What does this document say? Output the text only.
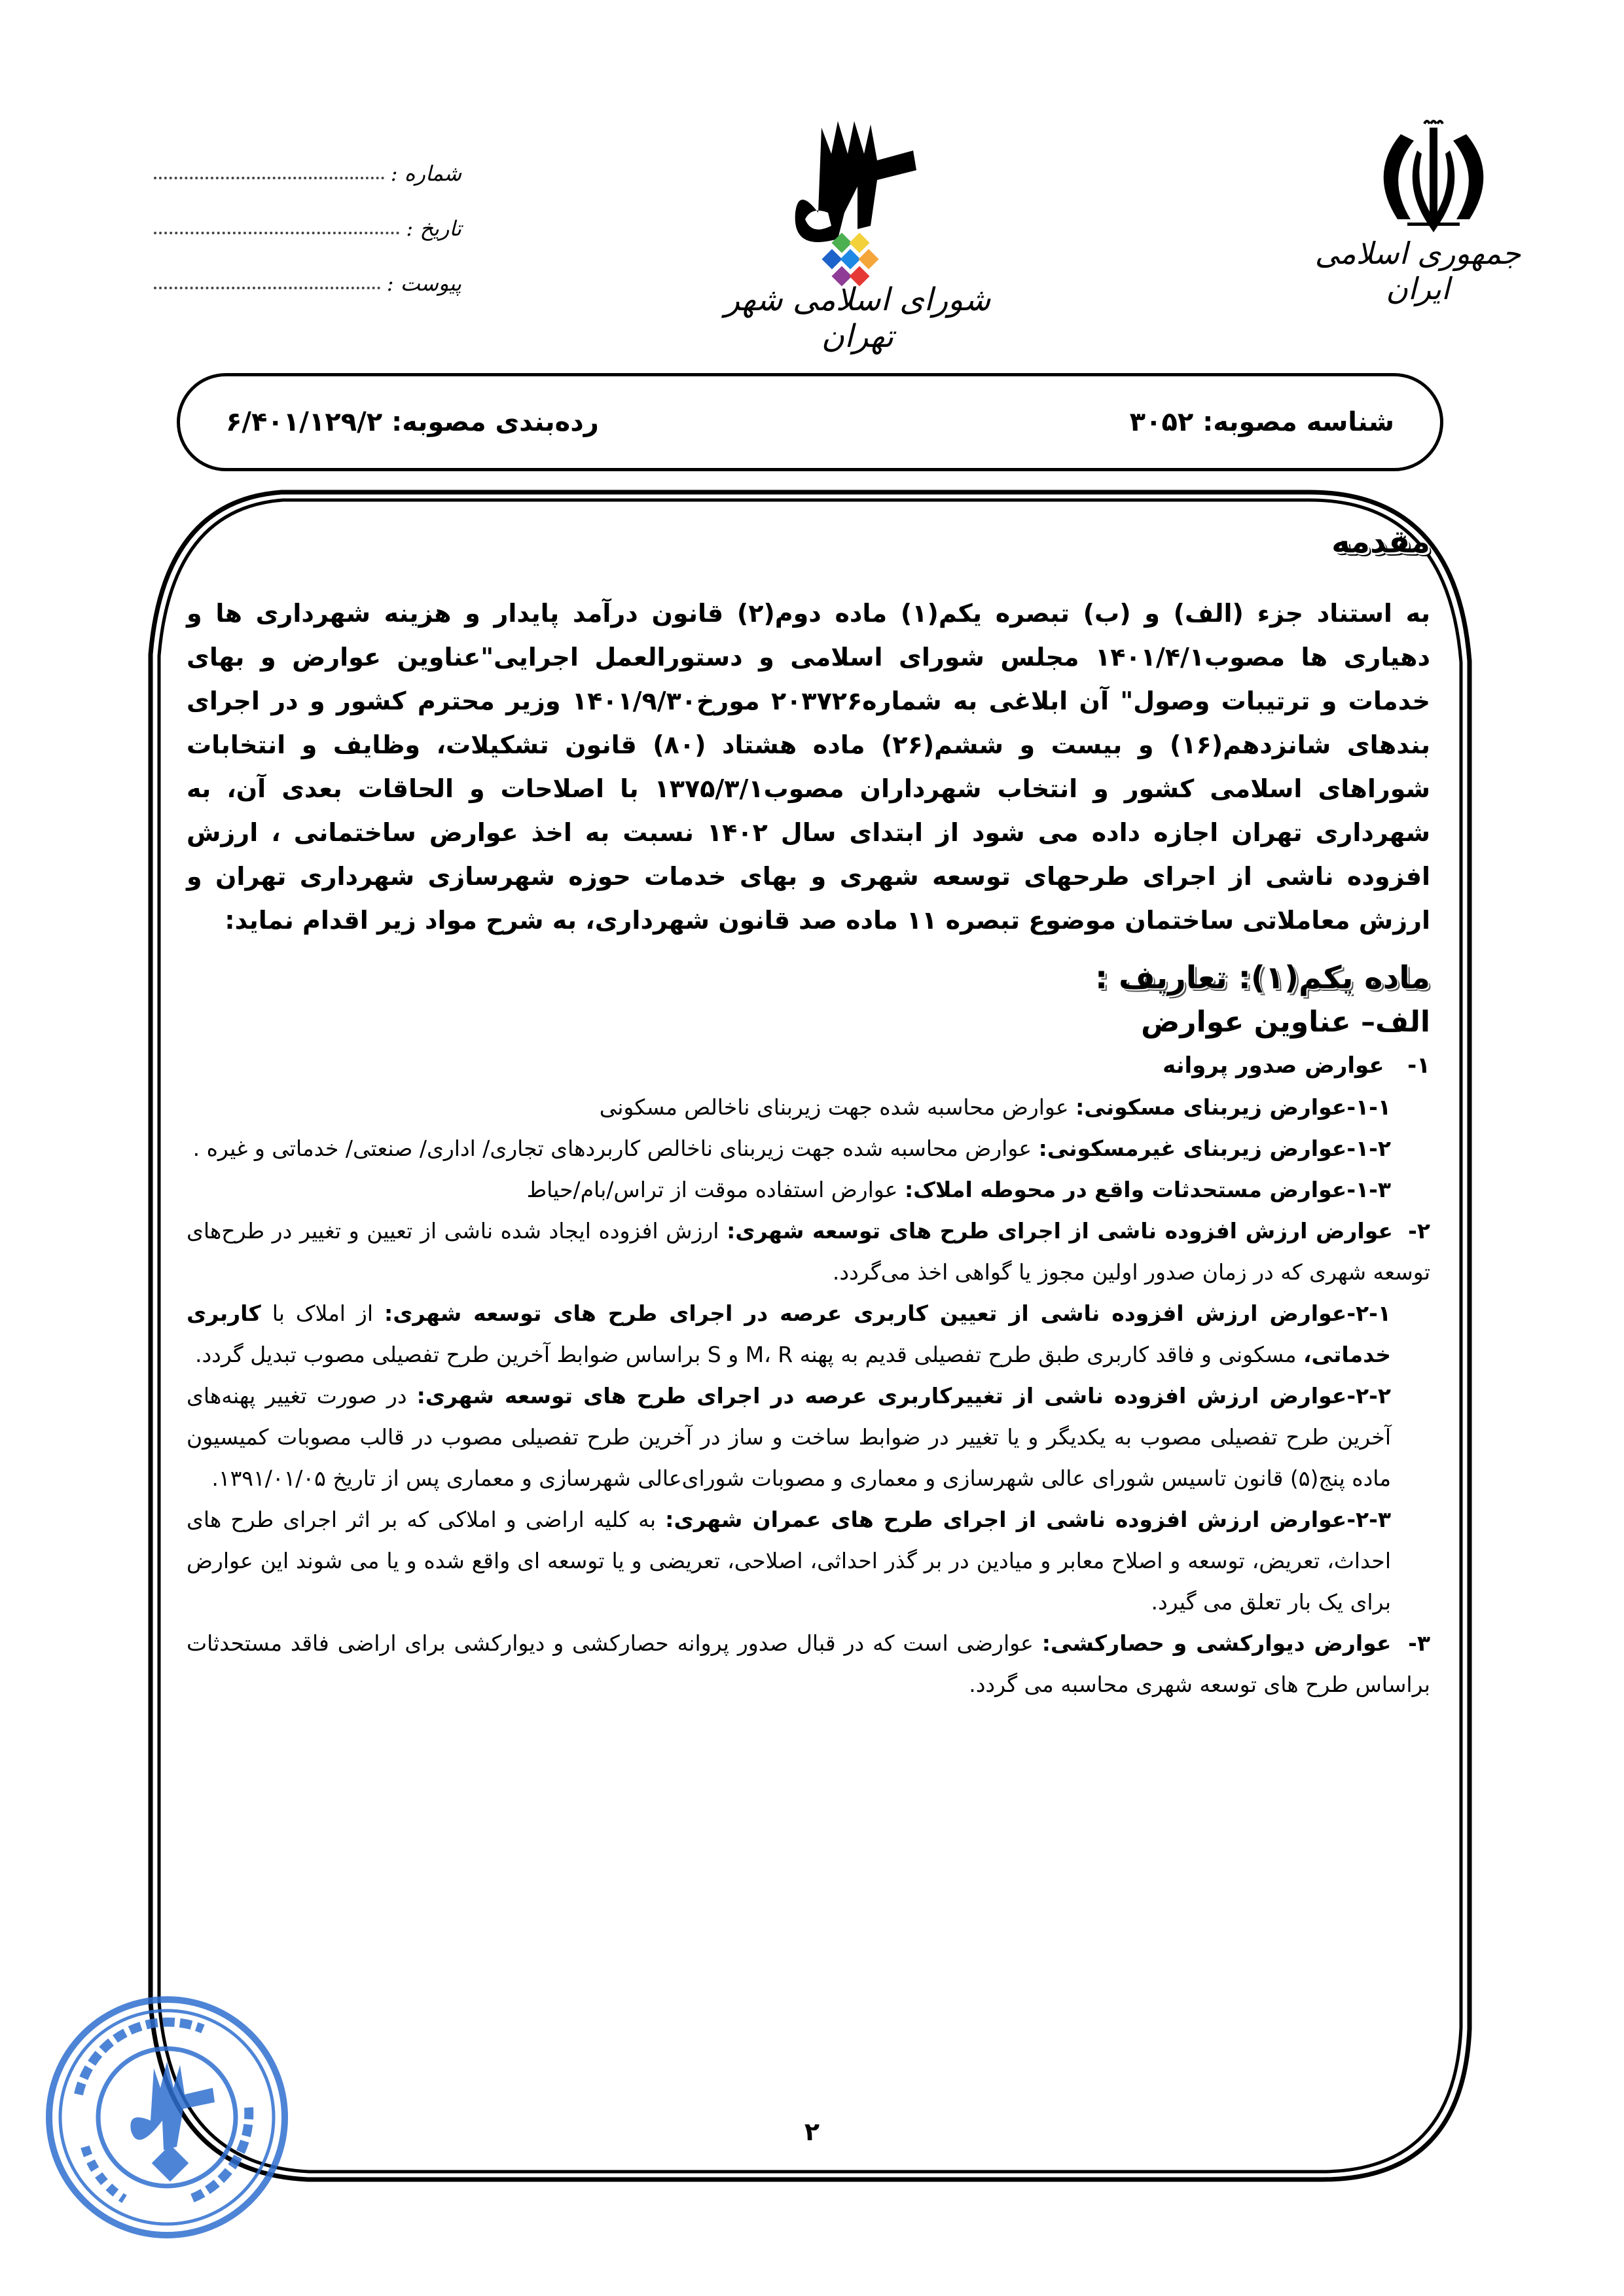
جمهوری اسلامی ایران
شورای اسلامی شهر تهران
شماره :
تاریخ :
پیوست :
شناسه مصوبه: ۳۰۵۲
رده‌بندی مصوبه: ۶/۴۰۱/۱۲۹/۲
مقدمه

به استناد جزء (الف) و (ب) تبصره یکم(۱) ماده دوم(۲) قانون درآمد پایدار و هزینه شهرداری ها و دهیاری ها مصوب۱۴۰۱/۴/۱ مجلس شورای اسلامی و دستورالعمل اجرایی"عناوین عوارض و بهای خدمات و ترتیبات وصول" آن ابلاغی به شماره۲۰۳۷۲۶ مورخ۱۴۰۱/۹/۳۰ وزیر محترم کشور و در اجرای بندهای شانزدهم(۱۶) و بیست و ششم(۲۶) ماده هشتاد (۸۰) قانون تشکیلات، وظایف و انتخابات شوراهای اسلامی کشور و انتخاب شهرداران مصوب۱۳۷۵/۳/۱ با اصلاحات و الحاقات بعدی آن، به شهرداری تهران اجازه داده می شود از ابتدای سال ۱۴۰۲ نسبت به اخذ عوارض ساختمانی ، ارزش افزوده ناشی از اجرای طرحهای توسعه شهری و بهای خدمات حوزه شهرسازی شهرداری تهران و ارزش معاملاتی ساختمان موضوع تبصره ۱۱ ماده صد قانون شهرداری، به شرح مواد زیر اقدام نماید:

ماده یکم(۱): تعاریف :
الف– عناوین عوارض

۱-   عوارض صدور پروانه

۱-۱-عوارض زیربنای مسکونی: عوارض محاسبه شده جهت زیربنای ناخالص مسکونی

۱-۲-عوارض زیربنای غیرمسکونی: عوارض محاسبه شده جهت زیربنای ناخالص کاربردهای تجاری/ اداری/ صنعتی/ خدماتی و غیره .

۱-۳-عوارض مستحدثات واقع در محوطه املاک: عوارض استفاده موقت از تراس/بام/حیاط

۲-  عوارض ارزش افزوده ناشی از اجرای طرح های توسعه شهری: ارزش افزوده ایجاد شده ناشی از تعیین و تغییر در طرح‌های توسعه شهری که در زمان صدور اولین مجوز یا گواهی اخذ می‌گردد.

۲-۱-عوارض ارزش افزوده ناشی از تعیین کاربری عرصه در اجرای طرح های توسعه شهری: از املاک با کاربری خدماتی، مسکونی و فاقد کاربری طبق طرح تفصیلی قدیم به پهنه M، R و S براساس ضوابط آخرین طرح تفصیلی مصوب تبدیل گردد.

۲-۲-عوارض ارزش افزوده ناشی از تغییرکاربری عرصه در اجرای طرح های توسعه شهری: در صورت تغییر پهنه‌های آخرین طرح تفصیلی مصوب به یکدیگر و یا تغییر در ضوابط ساخت و ساز در آخرین طرح تفصیلی مصوب در قالب مصوبات کمیسیون ماده پنج(۵) قانون تاسیس شورای عالی شهرسازی و معماری و مصوبات شورای‌عالی شهرسازی و معماری پس از تاریخ ۱۳۹۱/۰۱/۰۵.

۲-۳-عوارض ارزش افزوده ناشی از اجرای طرح های عمران شهری: به کلیه اراضی و املاکی که بر اثر اجرای طرح های احداث، تعریض، توسعه و اصلاح معابر و میادین در بر گذر احداثی، اصلاحی، تعریضی و یا توسعه ای واقع شده و یا می شوند این عوارض برای یک بار تعلق می گیرد.

۳-  عوارض دیوارکشی و حصارکشی: عوارضی است که در قبال صدور پروانه حصارکشی و دیوارکشی برای اراضی فاقد مستحدثات براساس طرح های توسعه شهری محاسبه می گردد.

۲
